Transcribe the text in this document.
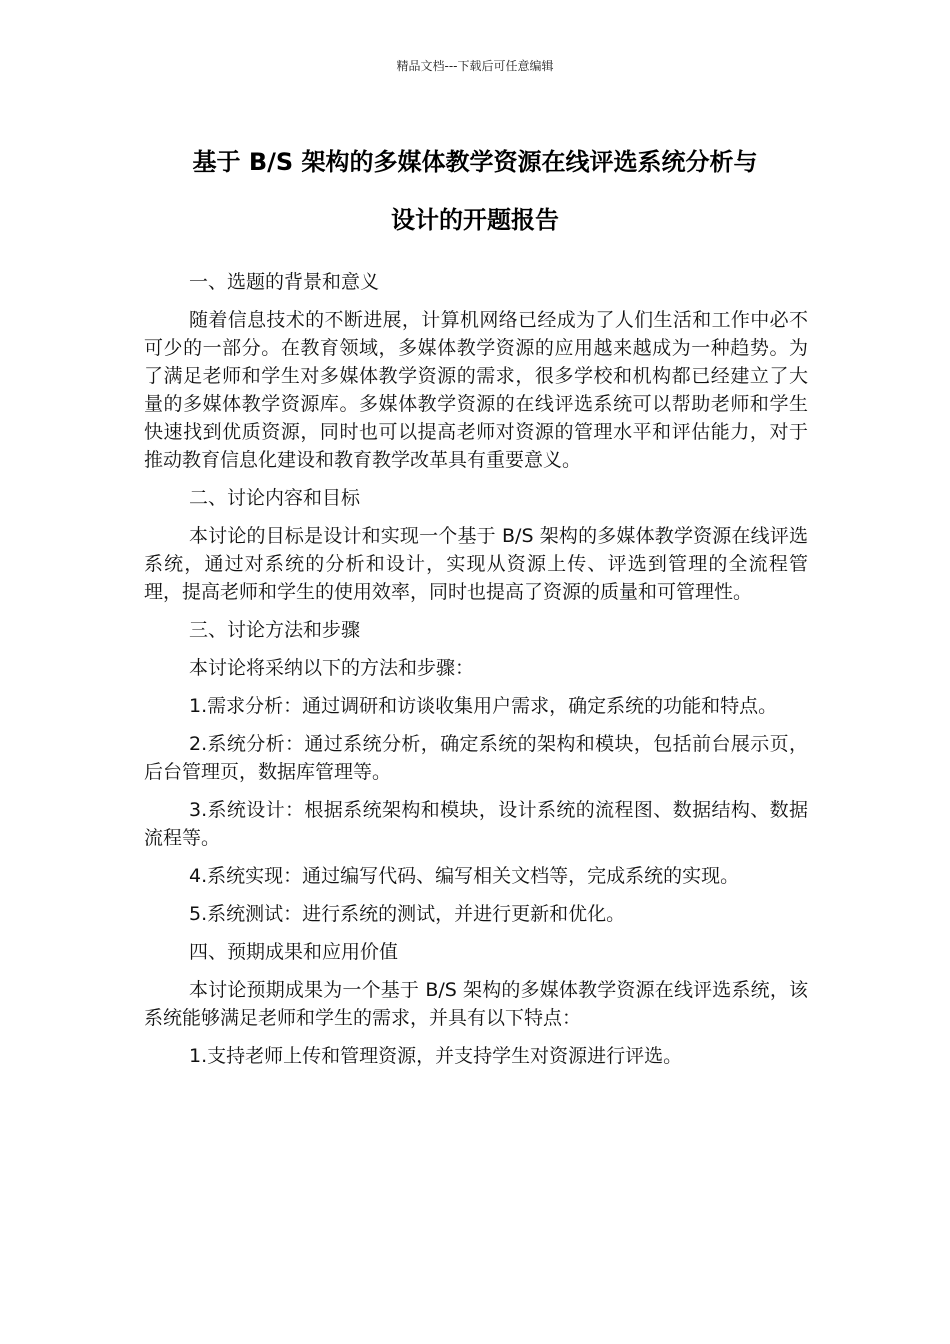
精品文档---下载后可任意编辑
基于 B/S 架构的多媒体教学资源在线评选系统分析与
设计的开题报告

一、选题的背景和意义

随着信息技术的不断进展，计算机网络已经成为了人们生活和工作中必不可少的一部分。在教育领域，多媒体教学资源的应用越来越成为一种趋势。为了满足老师和学生对多媒体教学资源的需求，很多学校和机构都已经建立了大量的多媒体教学资源库。多媒体教学资源的在线评选系统可以帮助老师和学生快速找到优质资源，同时也可以提高老师对资源的管理水平和评估能力，对于推动教育信息化建设和教育教学改革具有重要意义。

二、讨论内容和目标

本讨论的目标是设计和实现一个基于 B/S 架构的多媒体教学资源在线评选系统，通过对系统的分析和设计，实现从资源上传、评选到管理的全流程管理，提高老师和学生的使用效率，同时也提高了资源的质量和可管理性。

三、讨论方法和步骤

本讨论将采纳以下的方法和步骤：

1.需求分析：通过调研和访谈收集用户需求，确定系统的功能和特点。

2.系统分析：通过系统分析，确定系统的架构和模块，包括前台展示页，后台管理页，数据库管理等。

3.系统设计：根据系统架构和模块，设计系统的流程图、数据结构、数据流程等。

4.系统实现：通过编写代码、编写相关文档等，完成系统的实现。

5.系统测试：进行系统的测试，并进行更新和优化。

四、预期成果和应用价值

本讨论预期成果为一个基于 B/S 架构的多媒体教学资源在线评选系统，该系统能够满足老师和学生的需求，并具有以下特点：

1.支持老师上传和管理资源，并支持学生对资源进行评选。
